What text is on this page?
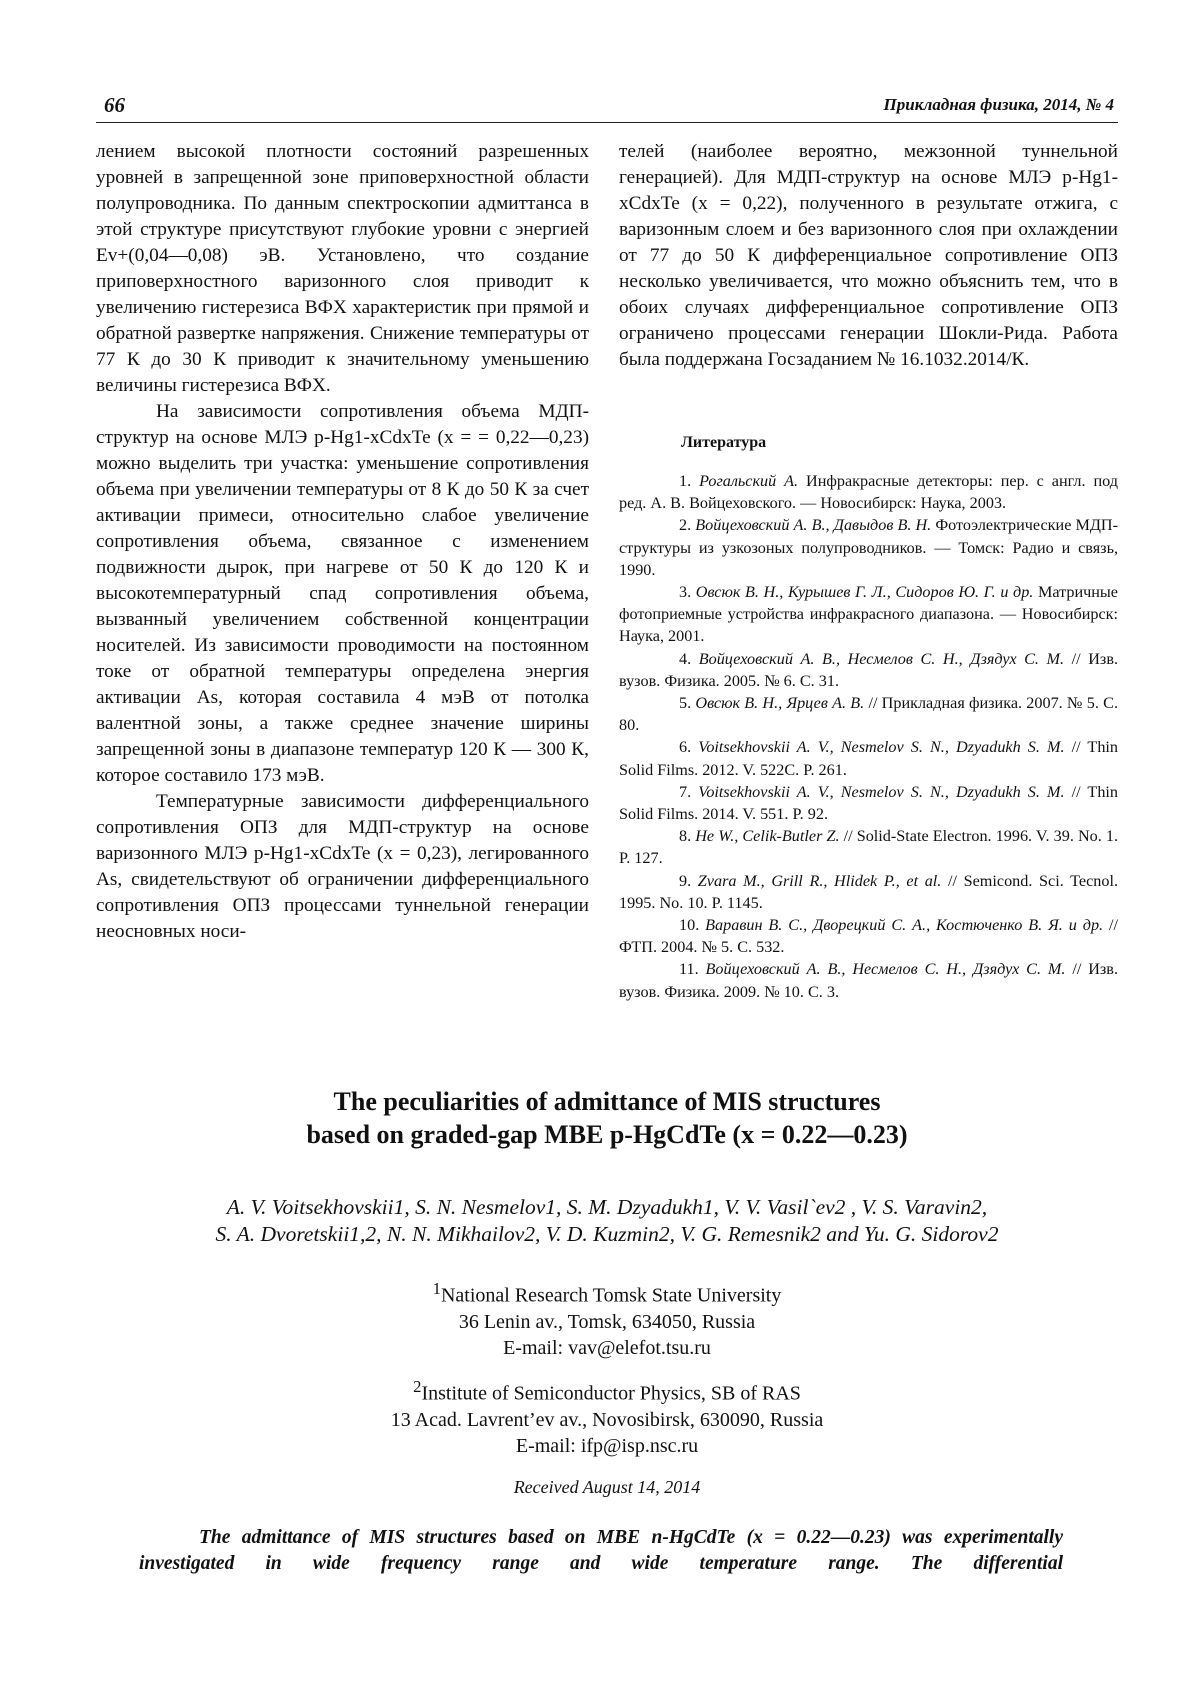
66	Прикладная физика, 2014, № 4

лением высокой плотности состояний разрешенных уровней в запрещенной зоне приповерхностной области полупроводника. По данным спектроскопии адмиттанса в этой структуре присутствуют глубокие уровни с энергией Ev+(0,04—0,08) эВ. Установлено, что создание приповерхностного варизонного слоя приводит к увеличению гистерезиса ВФХ характеристик при прямой и обратной развертке напряжения. Снижение температуры от 77 К до 30 К приводит к значительному уменьшению величины гистерезиса ВФХ.

На зависимости сопротивления объема МДП-структур на основе МЛЭ p-Hg1-xCdxTe (x = = 0,22—0,23) можно выделить три участка: уменьшение сопротивления объема при увеличении температуры от 8 К до 50 К за счет активации примеси, относительно слабое увеличение сопротивления объема, связанное с изменением подвижности дырок, при нагреве от 50 К до 120 К и высокотемпературный спад сопротивления объема, вызванный увеличением собственной концентрации носителей. Из зависимости проводимости на постоянном токе от обратной температуры определена энергия активации As, которая составила 4 мэВ от потолка валентной зоны, а также среднее значение ширины запрещенной зоны в диапазоне температур 120 К — 300 К, которое составило 173 мэВ.

Температурные зависимости дифференциального сопротивления ОПЗ для МДП-структур на основе варизонного МЛЭ p-Hg1-xCdxTe (x = 0,23), легированного As, свидетельствуют об ограничении дифференциального сопротивления ОПЗ процессами туннельной генерации неосновных носи-

телей (наиболее вероятно, межзонной туннельной генерацией). Для МДП-структур на основе МЛЭ p-Hg1-xCdxTe (x = 0,22), полученного в результате отжига, с варизонным слоем и без варизонного слоя при охлаждении от 77 до 50 К дифференциальное сопротивление ОПЗ несколько увеличивается, что можно объяснить тем, что в обоих случаях дифференциальное сопротивление ОПЗ ограничено процессами генерации Шокли-Рида. Работа была поддержана Госзаданием № 16.1032.2014/К.

Литература

1. Рогальский А. Инфракрасные детекторы: пер. с англ. под ред. А. В. Войцеховского. — Новосибирск: Наука, 2003.

2. Войцеховский А. В., Давыдов В. Н. Фотоэлектрические МДП-структуры из узкозоных полупроводников. — Томск: Радио и связь, 1990.

3. Овсюк В. Н., Курышев Г. Л., Сидоров Ю. Г. и др. Матричные фотоприемные устройства инфракрасного диапазона. — Новосибирск: Наука, 2001.

4. Войцеховский А. В., Несмелов С. Н., Дзядух С. М. // Изв. вузов. Физика. 2005. № 6. С. 31.

5. Овсюк В. Н., Ярцев А. В. // Прикладная физика. 2007. № 5. С. 80.

6. Voitsekhovskii A. V., Nesmelov S. N., Dzyadukh S. M. // Thin Solid Films. 2012. V. 522C. P. 261.

7. Voitsekhovskii A. V., Nesmelov S. N., Dzyadukh S. M. // Thin Solid Films. 2014. V. 551. P. 92.

8. He W., Celik-Butler Z. // Solid-State Electron. 1996. V. 39. No. 1. P. 127.

9. Zvara M., Grill R., Hlidek P., et al. // Semicond. Sci. Tecnol. 1995. No. 10. P. 1145.

10. Варавин В. С., Дворецкий С. А., Костюченко В. Я. и др. // ФТП. 2004. № 5. С. 532.

11. Войцеховский А. В., Несмелов С. Н., Дзядух С. М. // Изв. вузов. Физика. 2009. № 10. С. 3.

The peculiarities of admittance of MIS structures
based on graded-gap MBE p-HgCdTe (x = 0.22—0.23)
A. V. Voitsekhovskii1, S. N. Nesmelov1, S. M. Dzyadukh1, V. V. Vasil`ev2 , V. S. Varavin2,
S. A. Dvoretskii1,2, N. N. Mikhailov2, V. D. Kuzmin2, V. G. Remesnik2 and Yu. G. Sidorov2
$^1$National Research Tomsk State University
36 Lenin av., Tomsk, 634050, Russia
E-mail: vav@elefot.tsu.ru
$^2$Institute of Semiconductor Physics, SB of RAS
13 Acad. Lavrent’ev av., Novosibirsk, 630090, Russia
E-mail: ifp@isp.nsc.ru
Received August 14, 2014
The admittance of MIS structures based on MBE n-HgCdTe (x = 0.22—0.23) was experimentally investigated in wide frequency range and wide temperature range. The differential
